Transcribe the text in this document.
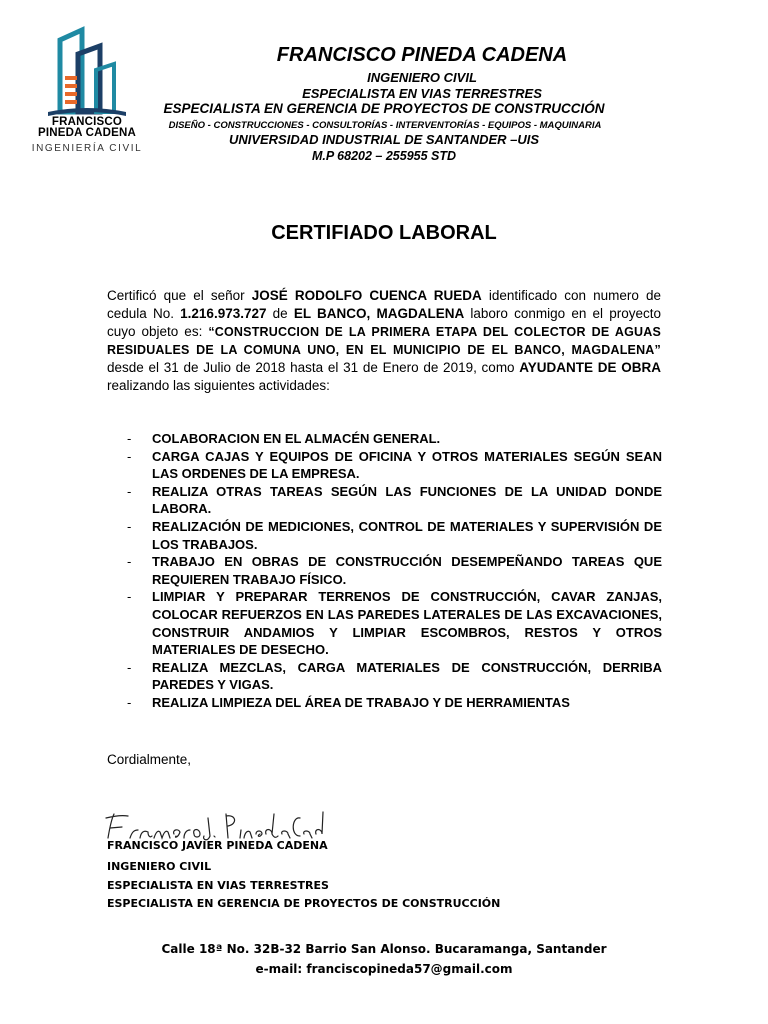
FRANCISCO
PINEDA CADENA
INGENIERÍA CIVIL
FRANCISCO PINEDA CADENA
INGENIERO CIVIL
ESPECIALISTA EN VIAS TERRESTRES
ESPECIALISTA EN GERENCIA DE PROYECTOS DE CONSTRUCCIÓN
DISEÑO - CONSTRUCCIONES - CONSULTORÍAS - INTERVENTORÍAS - EQUIPOS - MAQUINARIA
UNIVERSIDAD INDUSTRIAL DE SANTANDER –UIS
M.P 68202 – 255955 STD
CERTIFIADO LABORAL
Certificó que el señor JOSÉ RODOLFO CUENCA RUEDA identificado con numero de cedula No. 1.216.973.727 de EL BANCO, MAGDALENA laboro conmigo en el proyecto cuyo objeto es: “CONSTRUCCION DE LA PRIMERA ETAPA DEL COLECTOR DE AGUAS RESIDUALES DE LA COMUNA UNO, EN EL MUNICIPIO DE EL BANCO, MAGDALENA” desde el 31 de Julio de 2018 hasta el 31 de Enero de 2019, como AYUDANTE DE OBRA realizando las siguientes actividades:
- COLABORACION EN EL ALMACÉN GENERAL.
- CARGA CAJAS Y EQUIPOS DE OFICINA Y OTROS MATERIALES SEGÚN SEAN LAS ORDENES DE LA EMPRESA.
- REALIZA OTRAS TAREAS SEGÚN LAS FUNCIONES DE LA UNIDAD DONDE LABORA.
- REALIZACIÓN DE MEDICIONES, CONTROL DE MATERIALES Y SUPERVISIÓN DE LOS TRABAJOS.
- TRABAJO EN OBRAS DE CONSTRUCCIÓN DESEMPEÑANDO TAREAS QUE REQUIEREN TRABAJO FÍSICO.
- LIMPIAR Y PREPARAR TERRENOS DE CONSTRUCCIÓN, CAVAR ZANJAS, COLOCAR REFUERZOS EN LAS PAREDES LATERALES DE LAS EXCAVACIONES, CONSTRUIR ANDAMIOS Y LIMPIAR ESCOMBROS, RESTOS Y OTROS MATERIALES DE DESECHO.
- REALIZA MEZCLAS, CARGA MATERIALES DE CONSTRUCCIÓN, DERRIBA PAREDES Y VIGAS.
- REALIZA LIMPIEZA DEL ÁREA DE TRABAJO Y DE HERRAMIENTAS
Cordialmente,
FRANCISCO JAVIER PINEDA CADENA
INGENIERO CIVIL
ESPECIALISTA EN VIAS TERRESTRES
ESPECIALISTA EN GERENCIA DE PROYECTOS DE CONSTRUCCIÓN
Calle 18ª No. 32B-32 Barrio San Alonso. Bucaramanga, Santander
e-mail: franciscopineda57@gmail.com
